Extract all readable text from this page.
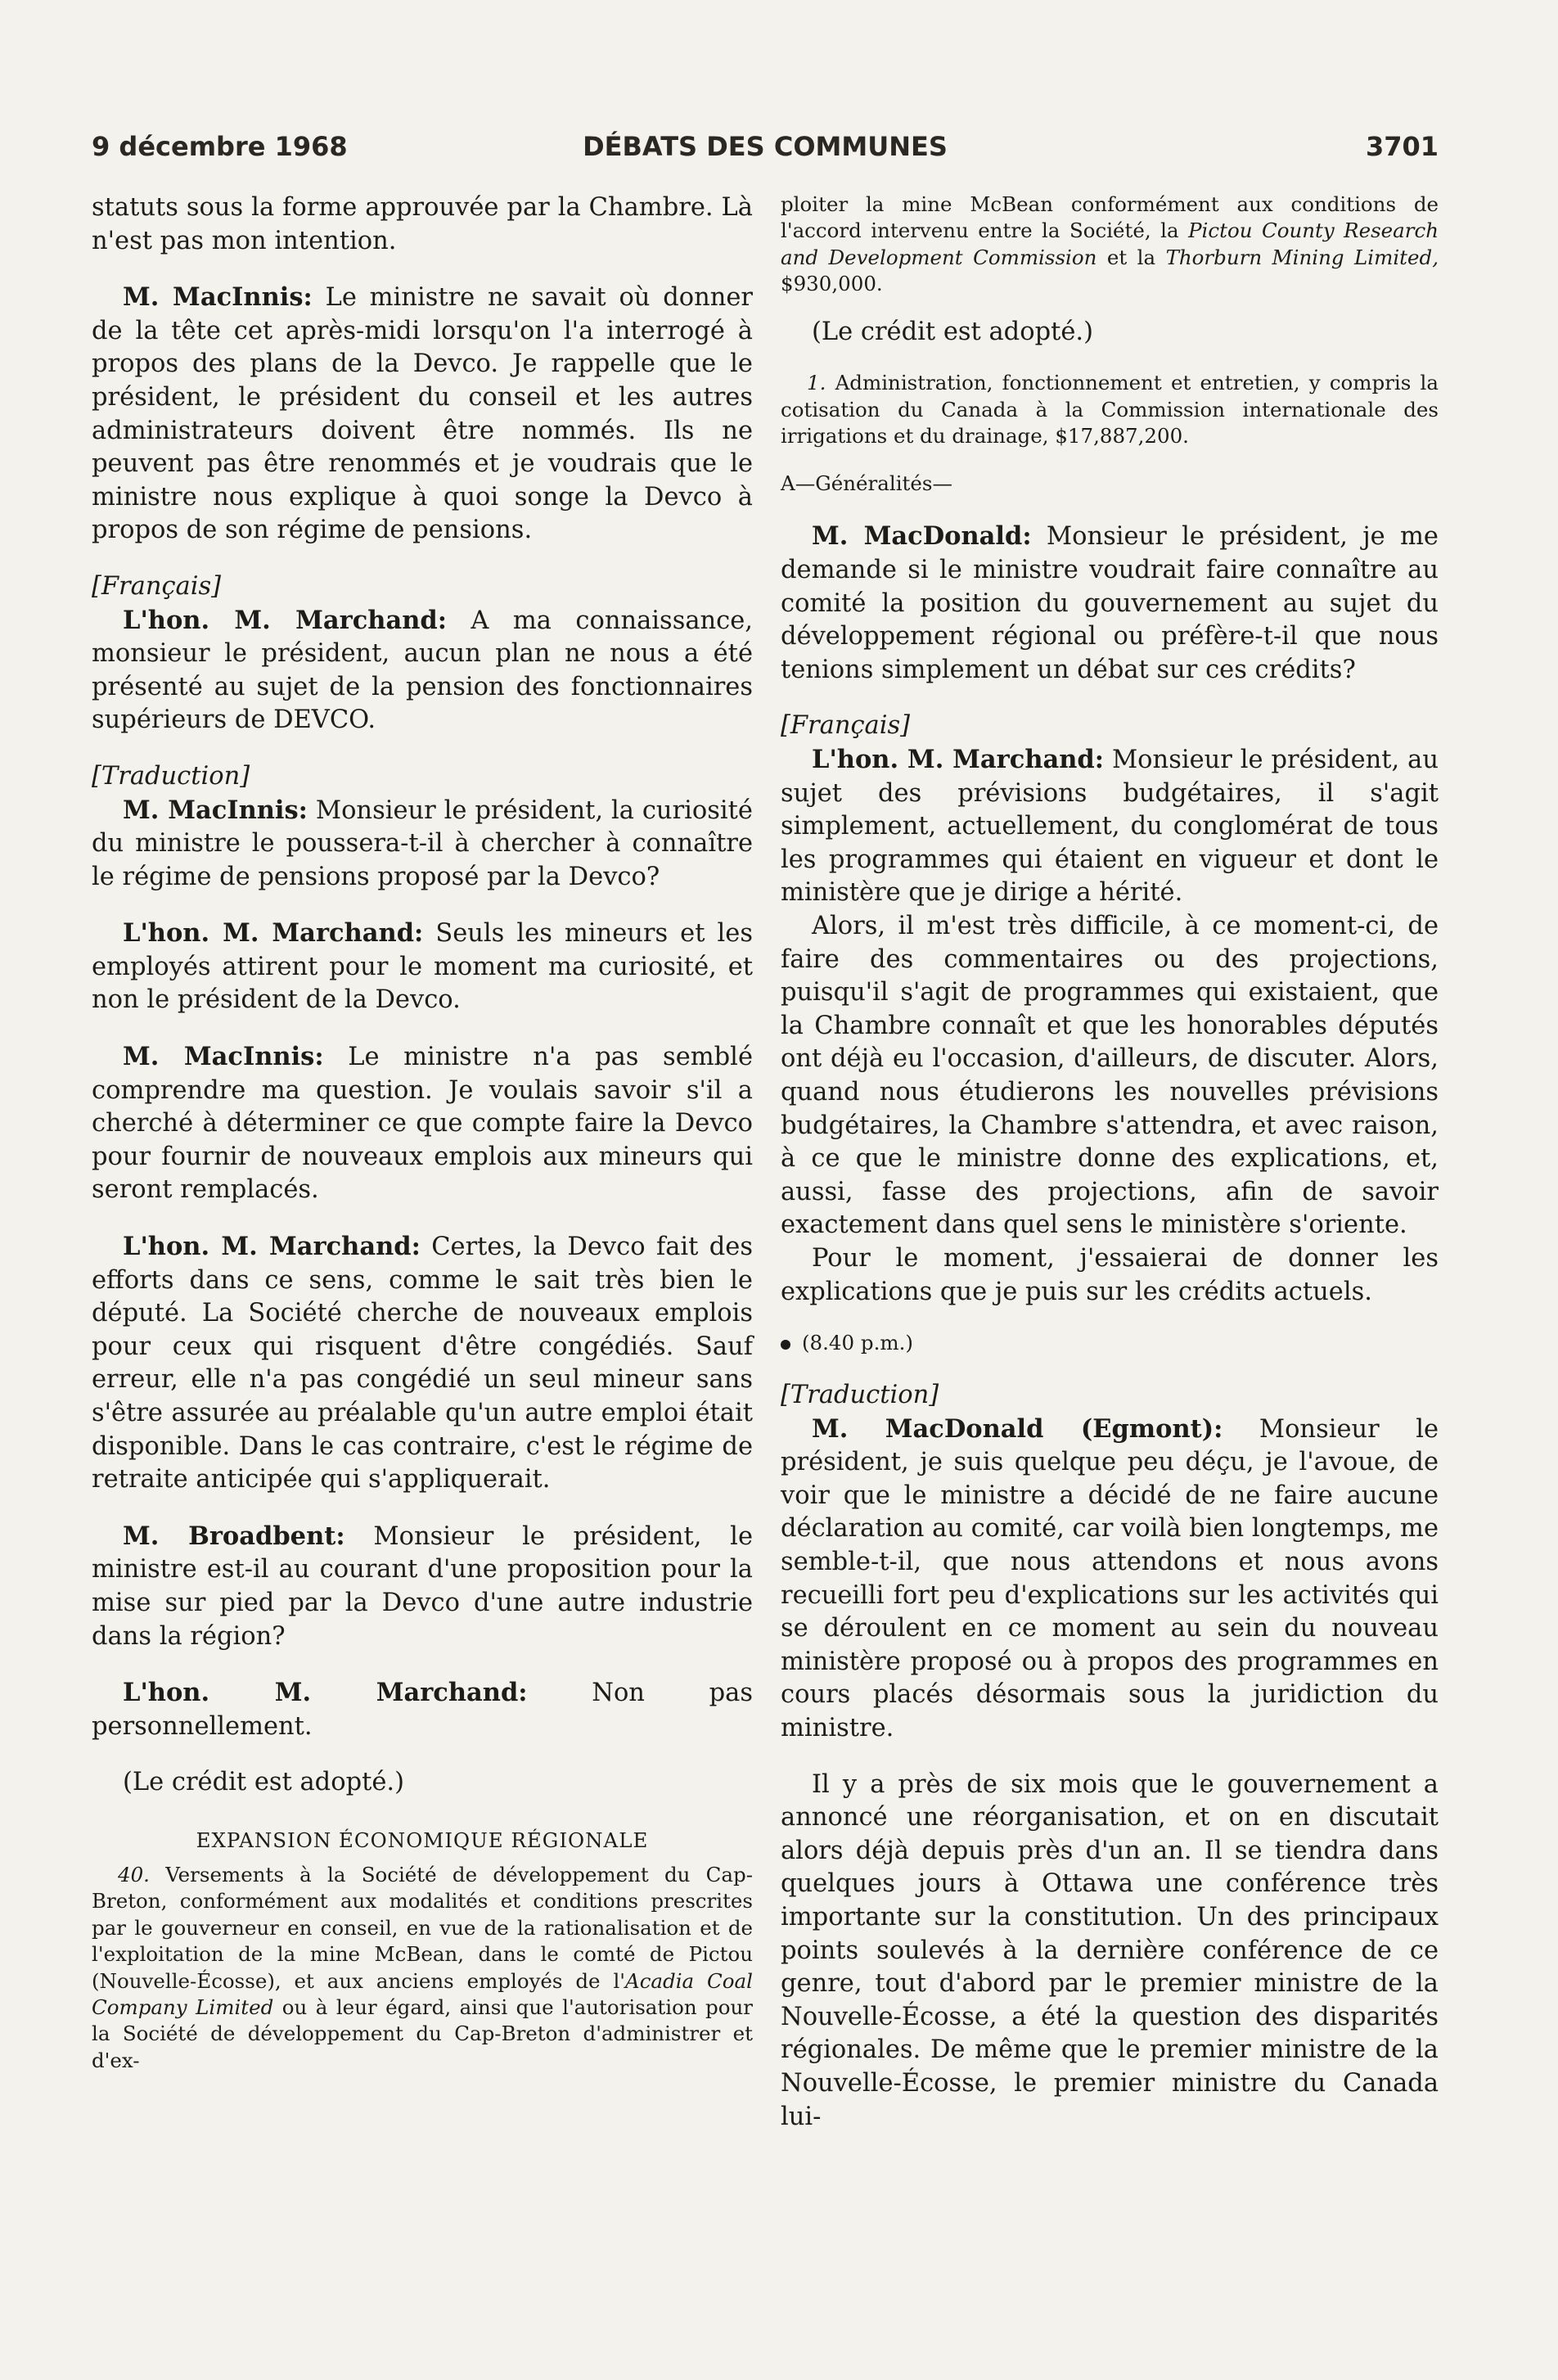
9 décembre 1968	DÉBATS DES COMMUNES	3701

statuts sous la forme approuvée par la Chambre. Là n'est pas mon intention.

M. MacInnis: Le ministre ne savait où donner de la tête cet après-midi lorsqu'on l'a interrogé à propos des plans de la Devco. Je rappelle que le président, le président du conseil et les autres administrateurs doivent être nommés. Ils ne peuvent pas être renommés et je voudrais que le ministre nous explique à quoi songe la Devco à propos de son régime de pensions.

[Français]

L'hon. M. Marchand: A ma connaissance, monsieur le président, aucun plan ne nous a été présenté au sujet de la pension des fonctionnaires supérieurs de DEVCO.

[Traduction]

M. MacInnis: Monsieur le président, la curiosité du ministre le poussera-t-il à chercher à connaître le régime de pensions proposé par la Devco?

L'hon. M. Marchand: Seuls les mineurs et les employés attirent pour le moment ma curiosité, et non le président de la Devco.

M. MacInnis: Le ministre n'a pas semblé comprendre ma question. Je voulais savoir s'il a cherché à déterminer ce que compte faire la Devco pour fournir de nouveaux emplois aux mineurs qui seront remplacés.

L'hon. M. Marchand: Certes, la Devco fait des efforts dans ce sens, comme le sait très bien le député. La Société cherche de nouveaux emplois pour ceux qui risquent d'être congédiés. Sauf erreur, elle n'a pas congédié un seul mineur sans s'être assurée au préalable qu'un autre emploi était disponible. Dans le cas contraire, c'est le régime de retraite anticipée qui s'appliquerait.

M. Broadbent: Monsieur le président, le ministre est-il au courant d'une proposition pour la mise sur pied par la Devco d'une autre industrie dans la région?

L'hon. M. Marchand:	Non pas personnellement.

(Le crédit est adopté.)

EXPANSION ÉCONOMIQUE RÉGIONALE

40. Versements à la Société de développement du Cap-Breton, conformément aux modalités et conditions prescrites par le gouverneur en conseil, en vue de la rationalisation et de l'exploitation de la mine McBean, dans le comté de Pictou (Nouvelle-Écosse), et aux anciens employés de l'Acadia Coal Company Limited ou à leur égard, ainsi que l'autorisation pour la Société de développement du Cap-Breton d'administrer et d'ex-

ploiter la mine McBean conformément aux conditions de l'accord intervenu entre la Société, la Pictou County Research and Development Commission et la Thorburn Mining Limited, $930,000.

(Le crédit est adopté.)

1. Administration, fonctionnement et entretien, y compris la cotisation du Canada à la Commission internationale des irrigations et du drainage, $17,887,200.

A—Généralités—

M. MacDonald: Monsieur le président, je me demande si le ministre voudrait faire connaître au comité la position du gouvernement au sujet du développement régional ou préfère-t-il que nous tenions simplement un débat sur ces crédits?

[Français]

L'hon. M. Marchand: Monsieur le président, au sujet des prévisions budgétaires, il s'agit simplement, actuellement, du conglomérat de tous les programmes qui étaient en vigueur et dont le ministère que je dirige a hérité.

Alors, il m'est très difficile, à ce moment-ci, de faire des commentaires ou des projections, puisqu'il s'agit de programmes qui existaient, que la Chambre connaît et que les honorables députés ont déjà eu l'occasion, d'ailleurs, de discuter. Alors, quand nous étudierons les nouvelles prévisions budgétaires, la Chambre s'attendra, et avec raison, à ce que le ministre donne des explications, et, aussi, fasse des projections, afin de savoir exactement dans quel sens le ministère s'oriente.

Pour le moment, j'essaierai de donner les explications que je puis sur les crédits actuels.

(8.40 p.m.)

[Traduction]

M. MacDonald (Egmont): Monsieur le président, je suis quelque peu déçu, je l'avoue, de voir que le ministre a décidé de ne faire aucune déclaration au comité, car voilà bien longtemps, me semble-t-il, que nous attendons et nous avons recueilli fort peu d'explications sur les activités qui se déroulent en ce moment au sein du nouveau ministère proposé ou à propos des programmes en cours placés désormais sous la juridiction du ministre.

Il y a près de six mois que le gouvernement a annoncé une réorganisation, et on en discutait alors déjà depuis près d'un an. Il se tiendra dans quelques jours à Ottawa une conférence très importante sur la constitution. Un des principaux points soulevés à la dernière conférence de ce genre, tout d'abord par le premier ministre de la Nouvelle-Écosse, a été la question des disparités régionales. De même que le premier ministre de la Nouvelle-Écosse, le premier ministre du Canada lui-
